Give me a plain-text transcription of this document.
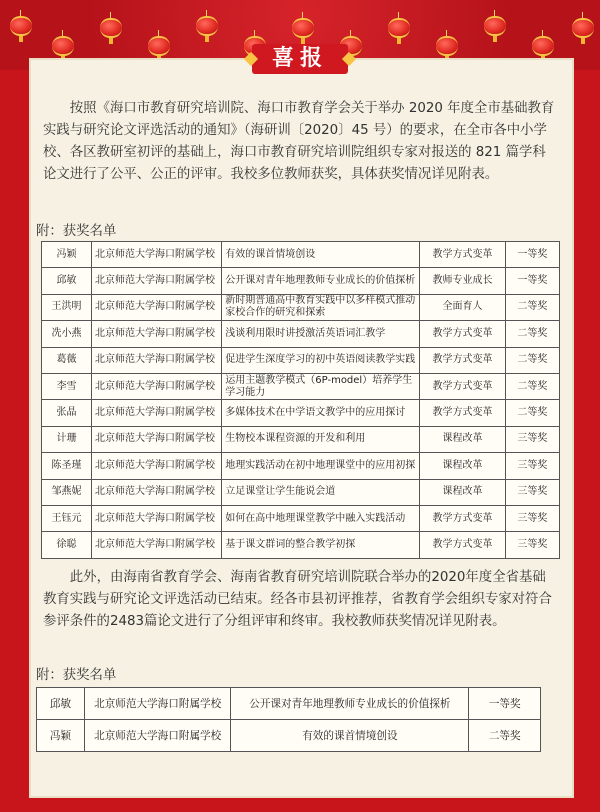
喜报

按照《海口市教育研究培训院、海口市教育学会关于举办 2020 年度全市基础教育实践与研究论文评选活动的通知》（海研训〔2020〕45 号）的要求，在全市各中小学校、各区教研室初评的基础上，海口市教育研究培训院组织专家对报送的 821 篇学科论文进行了公平、公正的评审。我校多位教师获奖，具体获奖情况详见附表。

附：获奖名单

冯颖	北京师范大学海口附属学校	有效的课首情境创设	教学方式变革	一等奖
邱敏	北京师范大学海口附属学校	公开课对青年地理教师专业成长的价值探析	教师专业成长	一等奖
王洪明	北京师范大学海口附属学校	新时期普通高中教育实践中以多样模式推动家校合作的研究和探索	全面育人	二等奖
冼小燕	北京师范大学海口附属学校	浅谈利用限时讲授激活英语词汇教学	教学方式变革	二等奖
葛薇	北京师范大学海口附属学校	促进学生深度学习的初中英语阅读教学实践	教学方式变革	二等奖
李雪	北京师范大学海口附属学校	运用主题教学模式（6P-model）培养学生学习能力	教学方式变革	二等奖
张晶	北京师范大学海口附属学校	多媒体技术在中学语文教学中的应用探讨	教学方式变革	二等奖
计珊	北京师范大学海口附属学校	生物校本课程资源的开发和利用	课程改革	三等奖
陈圣瑾	北京师范大学海口附属学校	地理实践活动在初中地理课堂中的应用初探	课程改革	三等奖
邹燕妮	北京师范大学海口附属学校	立足课堂让学生能说会道	课程改革	三等奖
王钰元	北京师范大学海口附属学校	如何在高中地理课堂教学中融入实践活动	教学方式变革	三等奖
徐聪	北京师范大学海口附属学校	基于课文群词的整合教学初探	教学方式变革	三等奖

此外，由海南省教育学会、海南省教育研究培训院联合举办的2020年度全省基础教育实践与研究论文评选活动已结束。经各市县初评推荐，省教育学会组织专家对符合参评条件的2483篇论文进行了分组评审和终审。我校教师获奖情况详见附表。

附：获奖名单

邱敏	北京师范大学海口附属学校	公开课对青年地理教师专业成长的价值探析	一等奖
冯颖	北京师范大学海口附属学校	有效的课首情境创设	二等奖
